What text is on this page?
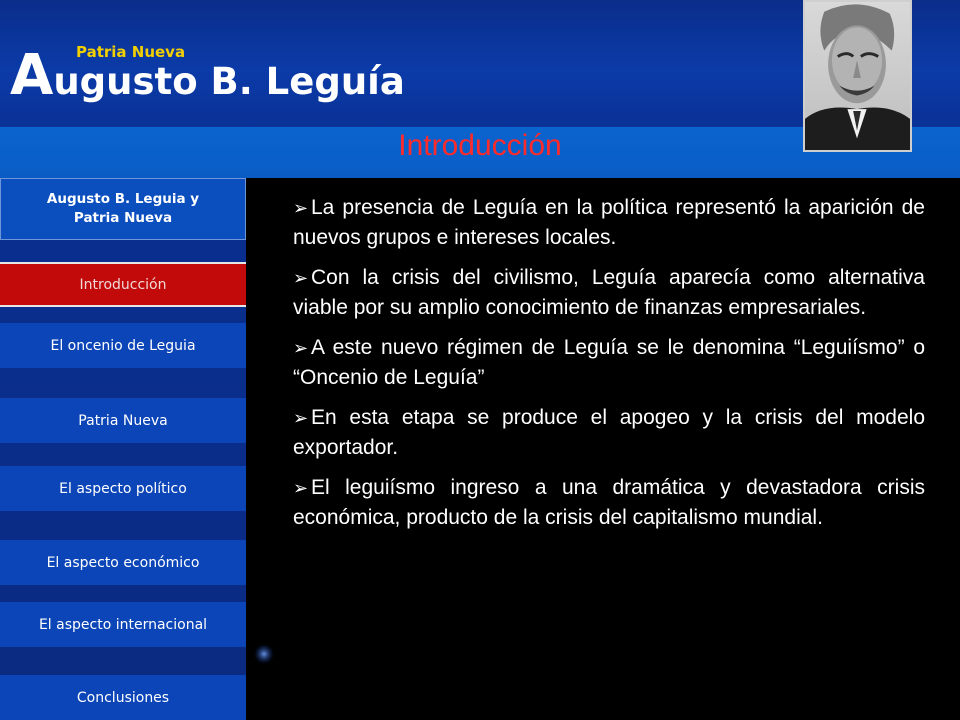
Patria Nueva
Augusto B. Leguía
Introducción
Augusto B. Leguia y
Patria Nueva
Introducción
El oncenio de Leguia
Patria Nueva
El aspecto político
El aspecto económico
El aspecto internacional
Conclusiones

➢ La presencia de Leguía en la política representó la aparición de nuevos grupos e intereses locales.

➢ Con la crisis del civilismo, Leguía aparecía como alternativa viable por su amplio conocimiento de finanzas empresariales.

➢ A este nuevo régimen de Leguía se le denomina “Leguiísmo” o “Oncenio de Leguía”

➢ En esta etapa se produce el apogeo y la crisis del modelo exportador.

➢ El leguiísmo ingreso a una dramática y devastadora crisis económica, producto de la crisis del capitalismo mundial.
